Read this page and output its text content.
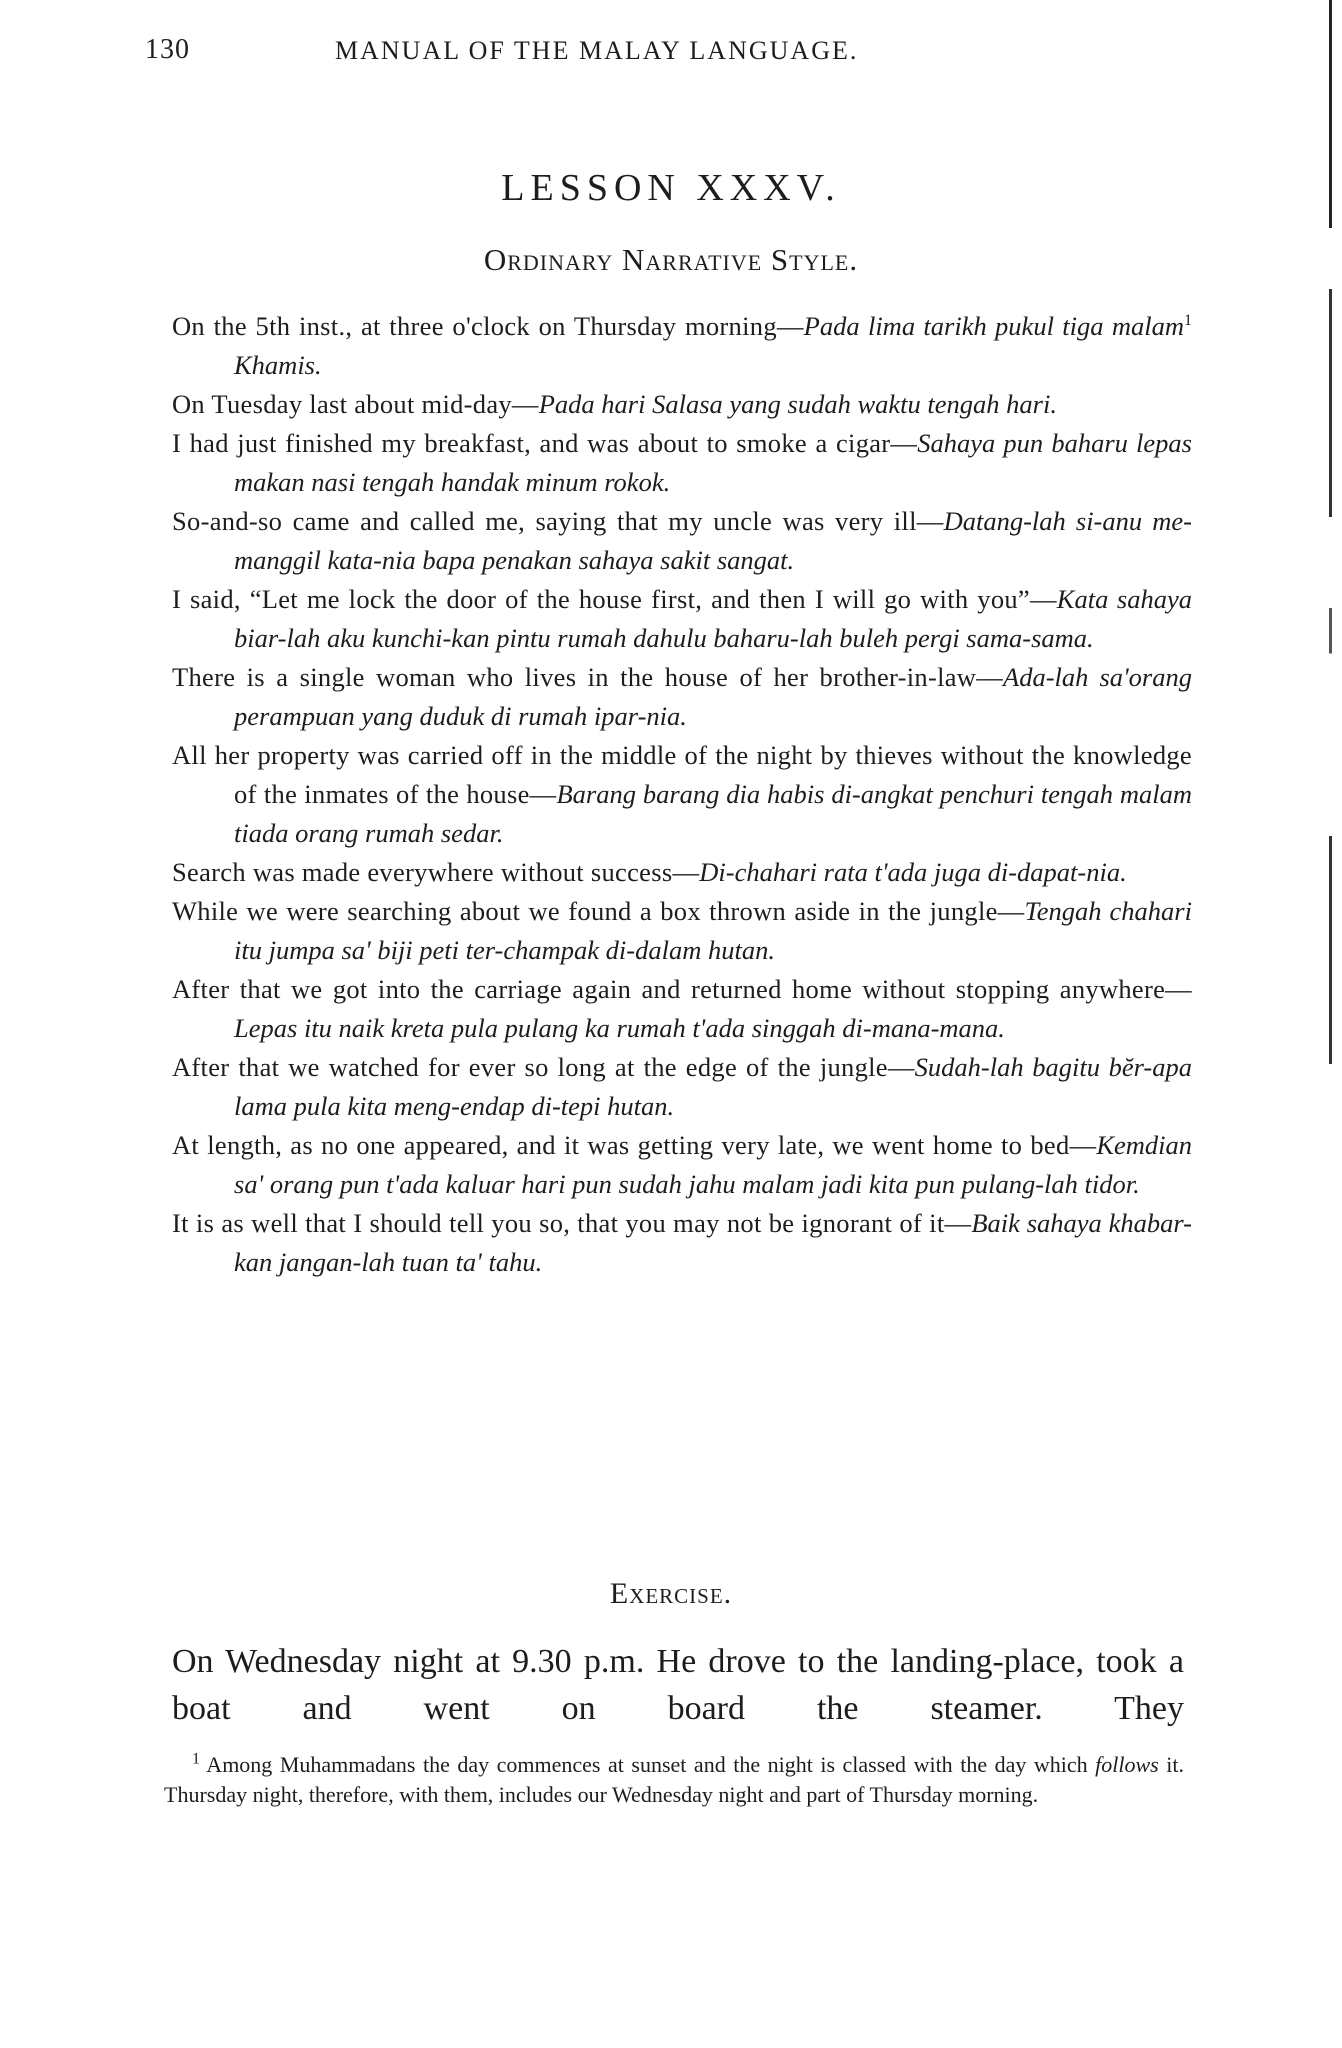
130	MANUAL OF THE MALAY LANGUAGE.
LESSON XXXV.
Ordinary Narrative Style.

On the 5th inst., at three o'clock on Thursday morning—Pada lima tarikh pukul tiga malam$^1$ Khamis.

On Tuesday last about mid-day—Pada hari Salasa yang sudah waktu tengah hari.

I had just finished my breakfast, and was about to smoke a cigar—Sahaya pun baharu lepas makan nasi tengah handak minum rokok.

So-and-so came and called me, saying that my uncle was very ill—Datang-lah si-anu me-manggil kata-nia bapa penakan sahaya sakit sangat.

I said, “Let me lock the door of the house first, and then I will go with you”—Kata sahaya biar-lah aku kunchi-kan pintu rumah dahulu baharu-lah buleh pergi sama-sama.

There is a single woman who lives in the house of her brother-in-law—Ada-lah sa'orang perampuan yang duduk di rumah ipar-nia.

All her property was carried off in the middle of the night by thieves without the knowledge of the inmates of the house—Barang barang dia habis di-angkat penchuri tengah malam tiada orang rumah sedar.

Search was made everywhere without success—Di-chahari rata t'ada juga di-dapat-nia.

While we were searching about we found a box thrown aside in the jungle—Tengah chahari itu jumpa sa' biji peti ter-champak di-dalam hutan.

After that we got into the carriage again and returned home without stopping anywhere—Lepas itu naik kreta pula pulang ka rumah t'ada singgah di-mana-mana.

After that we watched for ever so long at the edge of the jungle—Sudah-lah bagitu bĕr-apa lama pula kita meng-endap di-tepi hutan.

At length, as no one appeared, and it was getting very late, we went home to bed—Kemdian sa' orang pun t'ada kaluar hari pun sudah jahu malam jadi kita pun pulang-lah tidor.

It is as well that I should tell you so, that you may not be ignorant of it—Baik sahaya khabar-kan jangan-lah tuan ta' tahu.

Exercise.
On Wednesday night at 9.30 p.m. He drove to the landing-place, took a boat and went on board the steamer. They
$^1$ Among Muhammadans the day commences at sunset and the night is classed with the day which follows it. Thursday night, therefore, with them, includes our Wednesday night and part of Thursday morning.
